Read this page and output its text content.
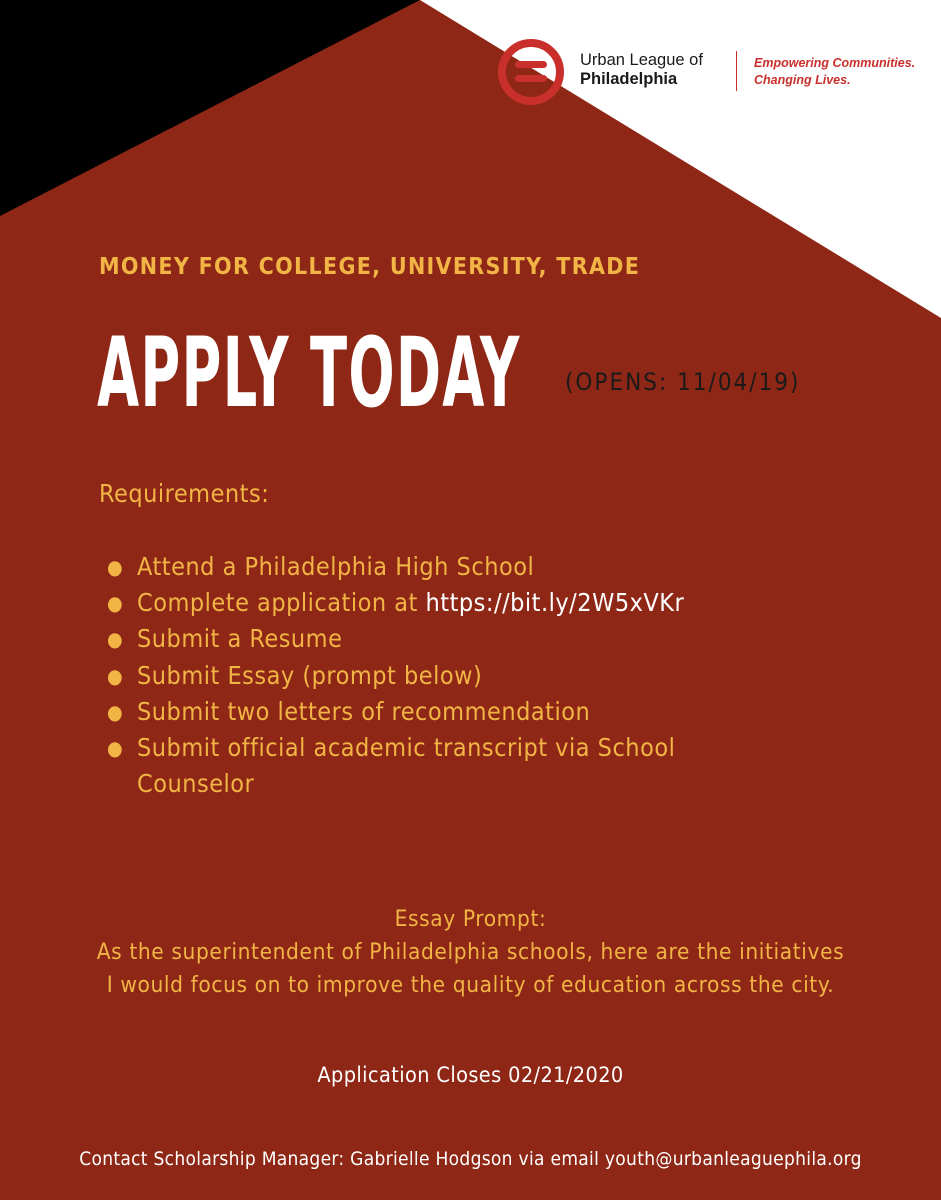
Urban League of
Philadelphia
Empowering Communities.
Changing Lives.
MONEY FOR COLLEGE, UNIVERSITY, TRADE
APPLY TODAY (OPENS: 11/04/19)
Requirements:
● Attend a Philadelphia High School
● Complete application at https://bit.ly/2W5xVKr
● Submit a Resume
● Submit Essay (prompt below)
● Submit two letters of recommendation
● Submit official academic transcript via School Counselor
Essay Prompt:
As the superintendent of Philadelphia schools, here are the initiatives
I would focus on to improve the quality of education across the city.
Application Closes 02/21/2020
Contact Scholarship Manager: Gabrielle Hodgson via email youth@urbanleaguephila.org
